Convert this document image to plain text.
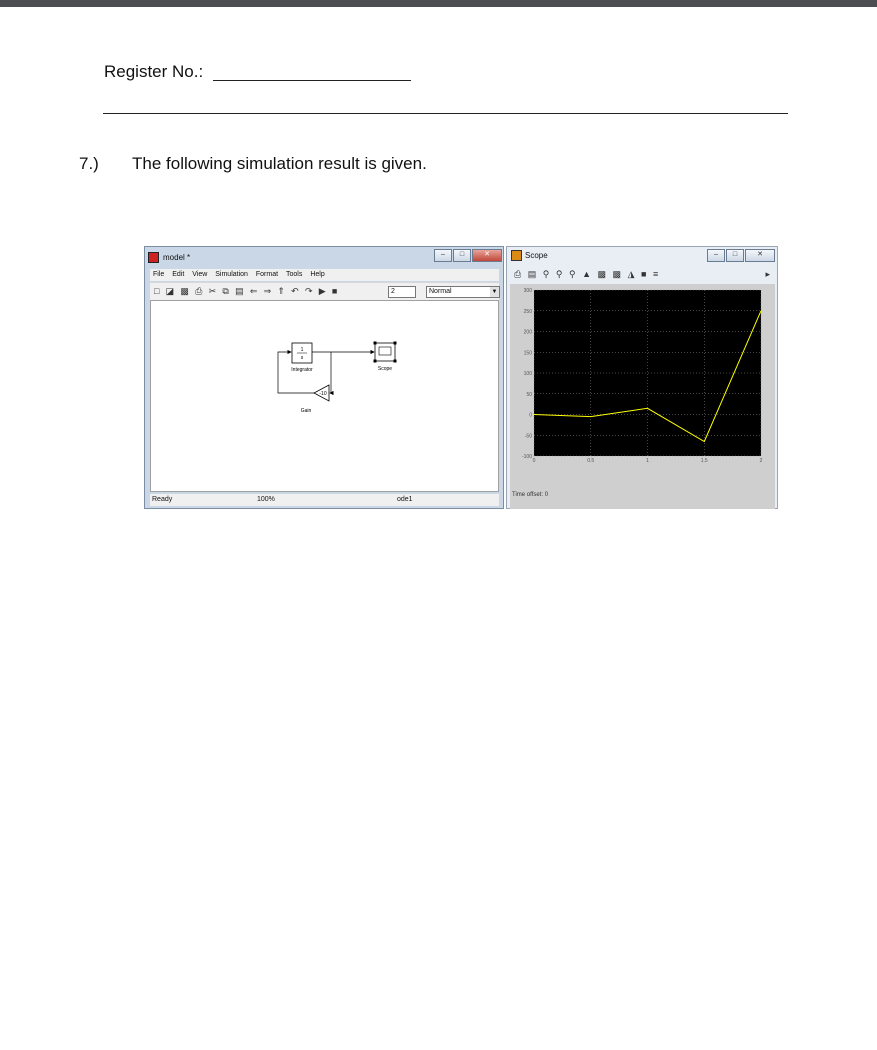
Register No.:
7.) The following simulation result is given.
model *	–	□	✕
File Edit View Simulation Format Tools Help
□ ◪ ▩ ⎙ ✂ ⧉ ▤ ⇐ ⇒ ⇑ ↶ ↷ ▶ ■	2	Normal	▼
1
s
Integrator	Scope
-10
Gain
Ready	100%	ode1
Scope	–	□	✕
⎙ ▤ ⚲ ⚲ ⚲ ▲ ▩ ▩ ◮ ■ ≡	▸
300
250
200
150
100
50
0
-50
-100
0	0.5	1	1.5	2
Time offset: 0
